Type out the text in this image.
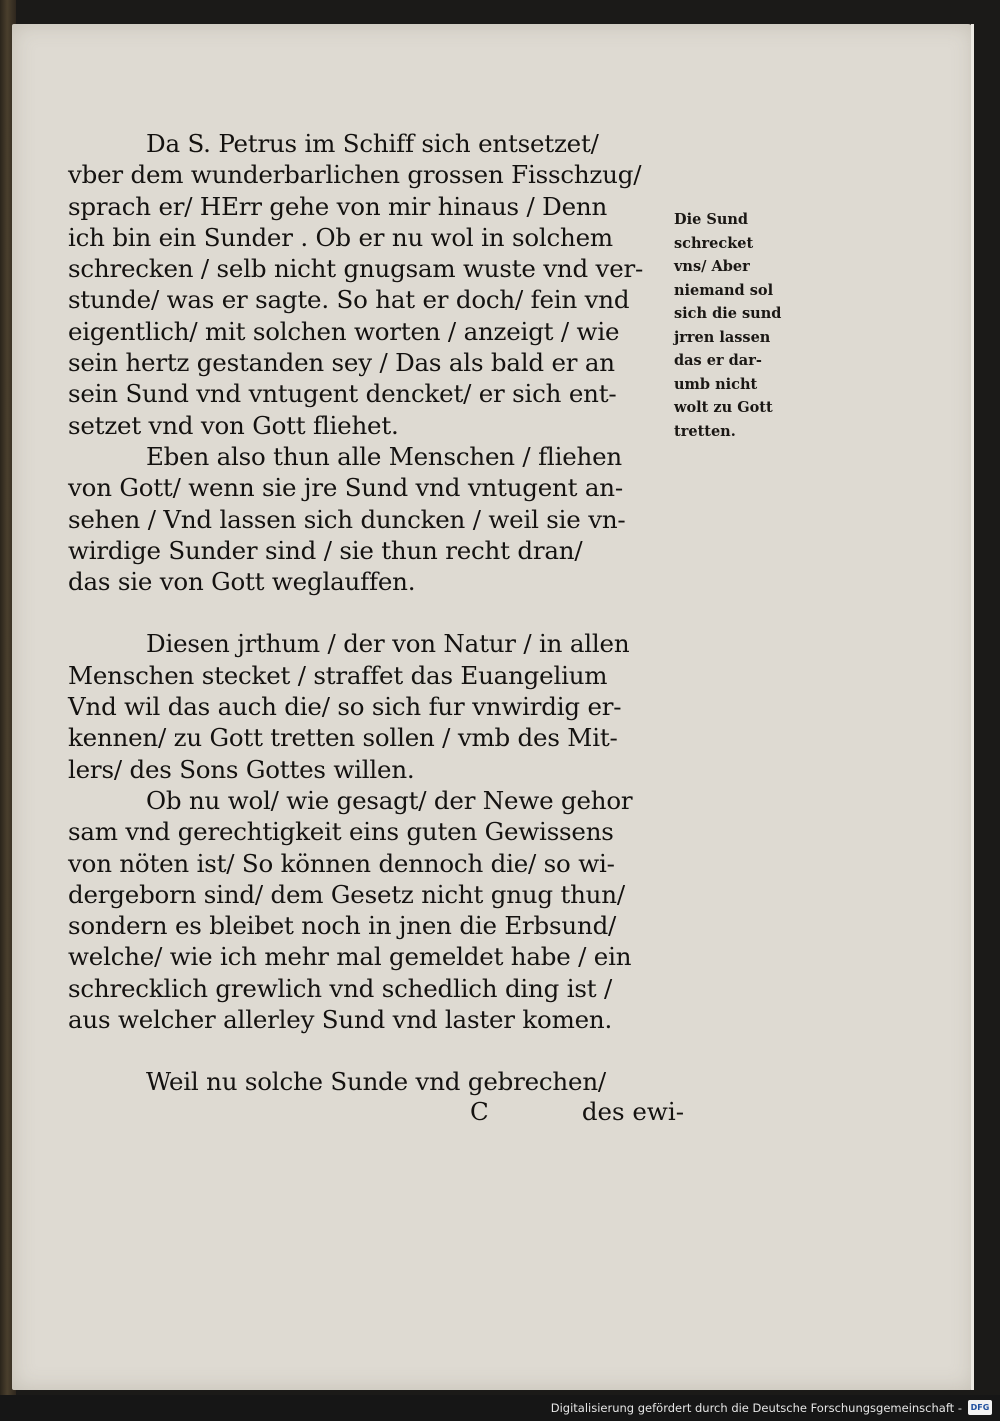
Da S. Petrus im Schiff sich entsetzet/
vber dem wunderbarlichen grossen Fisschzug/
sprach er/ HErr gehe von mir hinaus / Denn
ich bin ein Sunder . Ob er nu wol in solchem
schrecken / selb nicht gnugsam wuste vnd ver-
stunde/ was er sagte. So hat er doch/ fein vnd
eigentlich/ mit solchen worten / anzeigt / wie
sein hertz gestanden sey / Das als bald er an
sein Sund vnd vntugent dencket/ er sich ent-
setzet vnd von Gott fliehet.
Eben also thun alle Menschen / fliehen
von Gott/ wenn sie jre Sund vnd vntugent an-
sehen / Vnd lassen sich duncken / weil sie vn-
wirdige Sunder sind / sie thun recht dran/
das sie von Gott weglauffen.
Diesen jrthum / der von Natur / in allen
Menschen stecket / straffet das Euangelium
Vnd wil das auch die/ so sich fur vnwirdig er-
kennen/ zu Gott tretten sollen / vmb des Mit-
lers/ des Sons Gottes willen.
Ob nu wol/ wie gesagt/ der Newe gehor
sam vnd gerechtigkeit eins guten Gewissens
von nöten ist/ So können dennoch die/ so wi-
dergeborn sind/ dem Gesetz nicht gnug thun/
sondern es bleibet noch in jnen die Erbsund/
welche/ wie ich mehr mal gemeldet habe / ein
schrecklich grewlich vnd schedlich ding ist /
aus welcher allerley Sund vnd laster komen.
Weil nu solche Sunde vnd gebrechen/
Die Sund
schrecket
vns/ Aber
niemand sol
sich die sund
jrren lassen
das er dar-
umb nicht
wolt zu Gott
tretten.
C	des ewi-
Digitalisierung gefördert durch die Deutsche Forschungsgemeinschaft -	DFG
